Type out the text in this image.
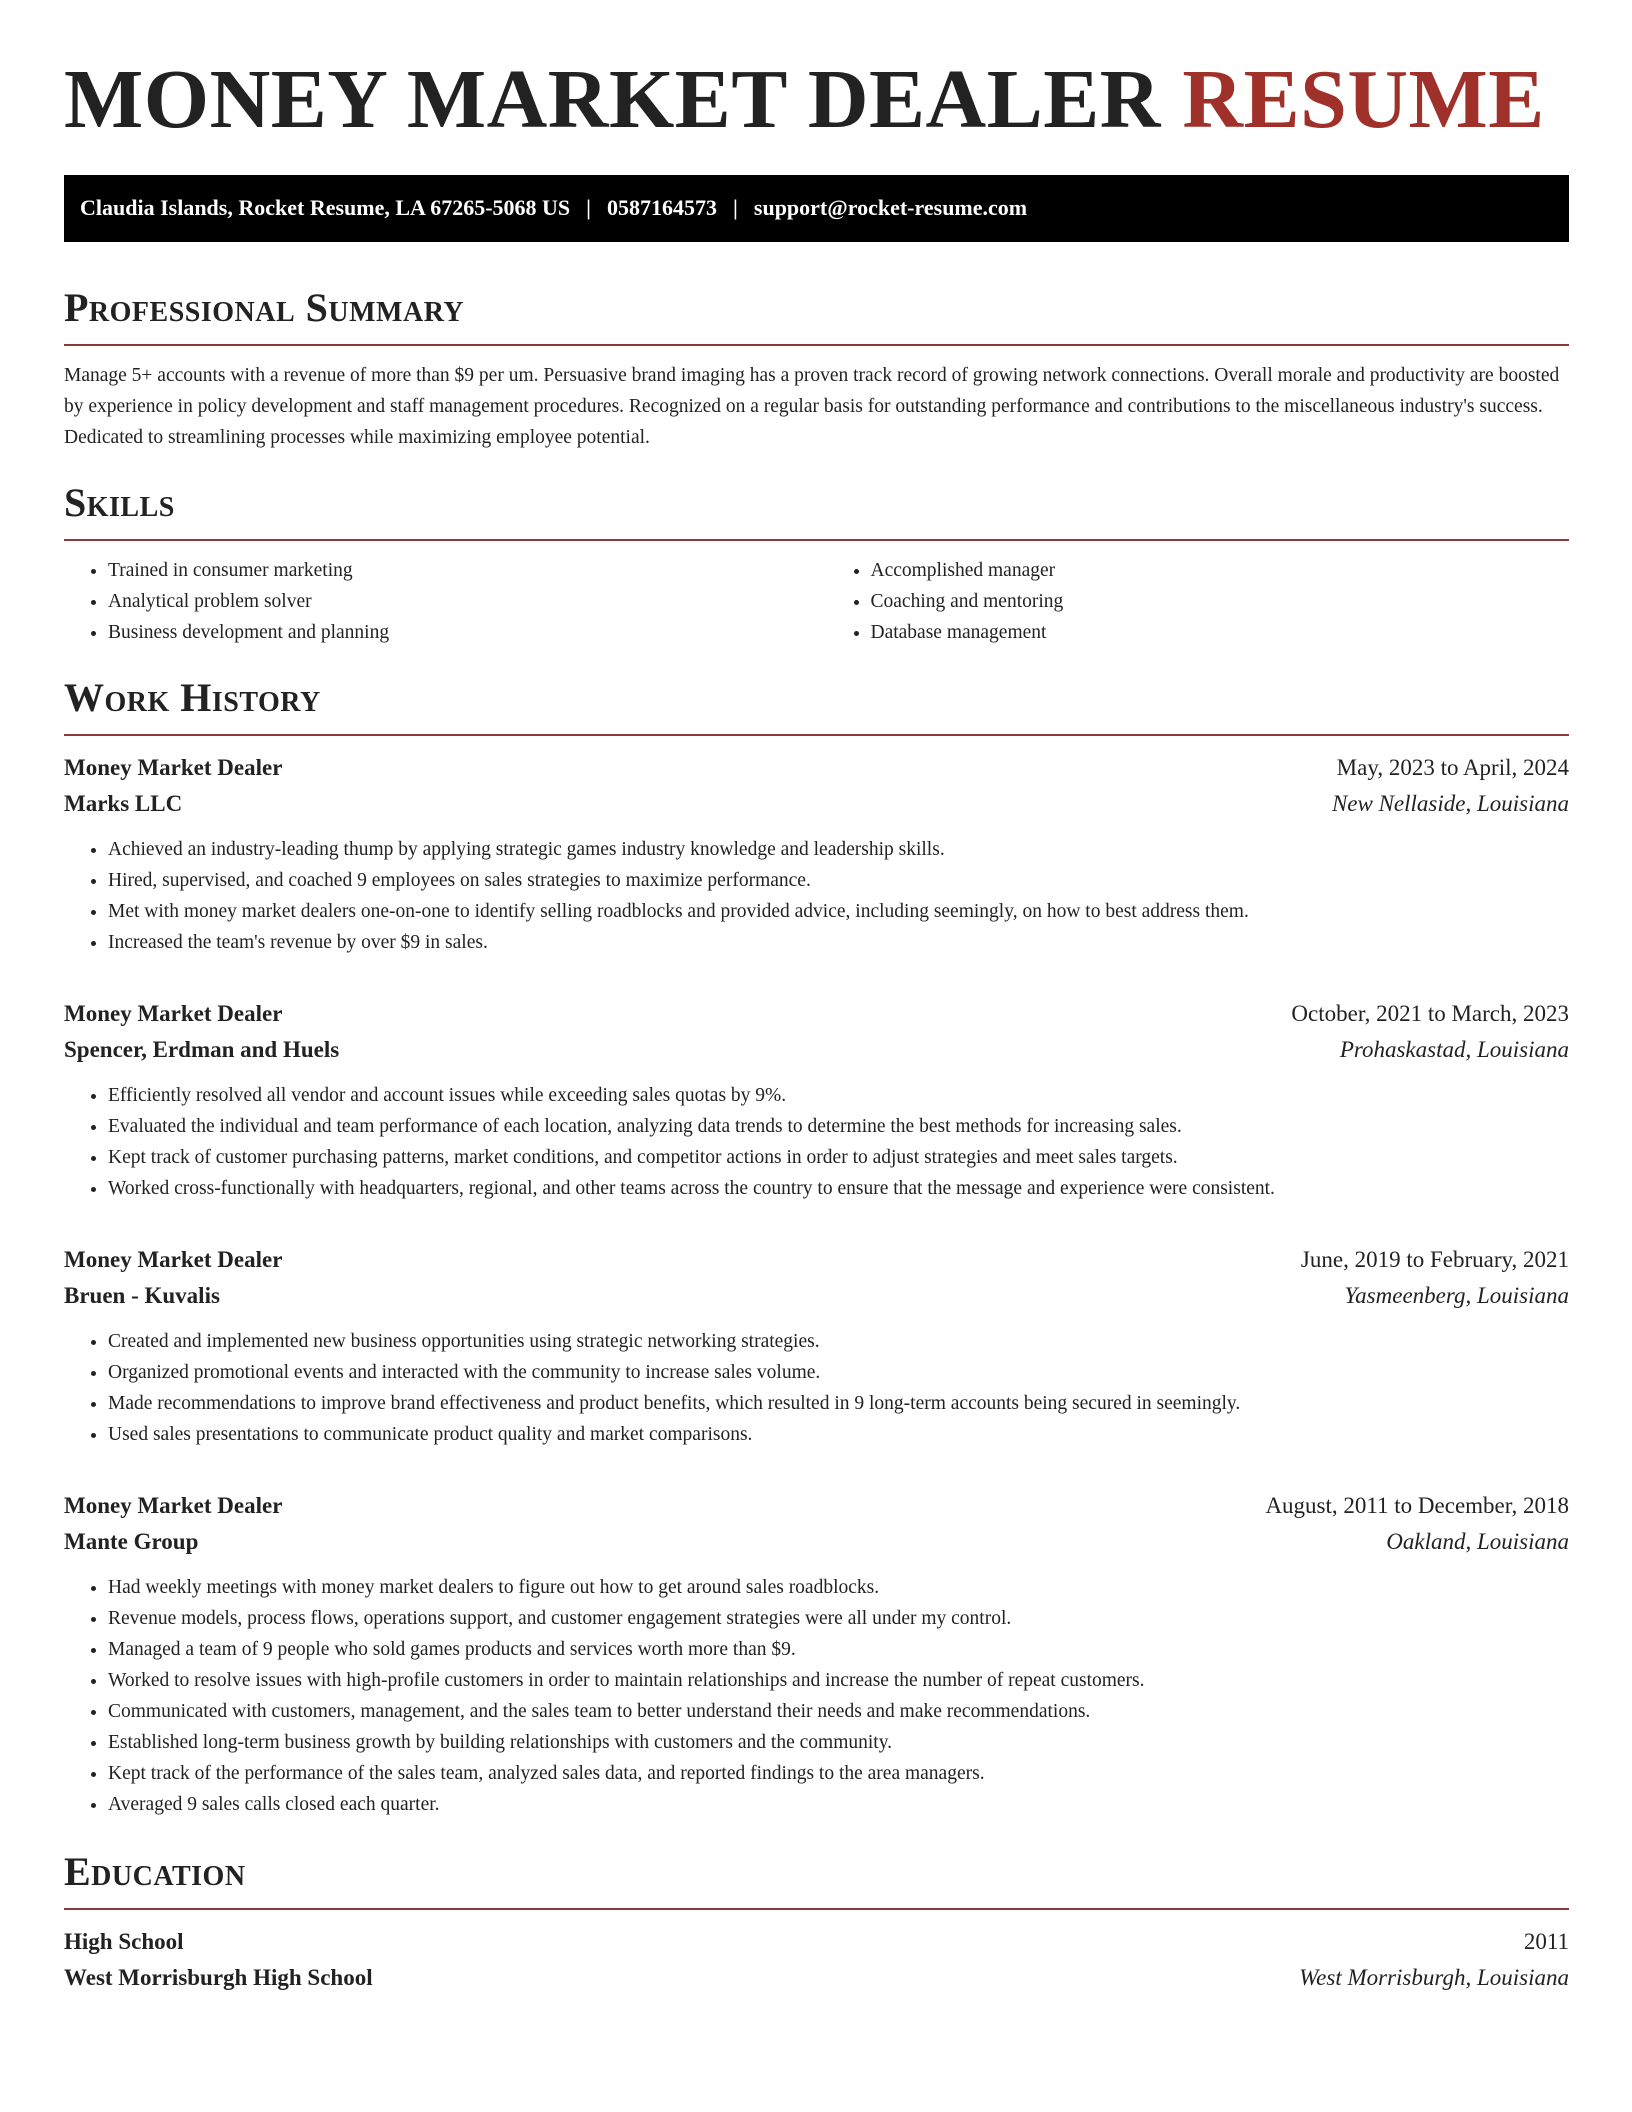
MONEY MARKET DEALER RESUME
Claudia Islands, Rocket Resume, LA 67265-5068 US | 0587164573 | support@rocket-resume.com
Professional Summary

Manage 5+ accounts with a revenue of more than $9 per um. Persuasive brand imaging has a proven track record of growing network connections. Overall morale and productivity are boosted by experience in policy development and staff management procedures. Recognized on a regular basis for outstanding performance and contributions to the miscellaneous industry's success. Dedicated to streamlining processes while maximizing employee potential.

Skills
• Trained in consumer marketing
• Analytical problem solver
• Business development and planning
• Accomplished manager
• Coaching and mentoring
• Database management
Work History
Money Market Dealer	May, 2023 to April, 2024
Marks LLC	New Nellaside, Louisiana
• Achieved an industry-leading thump by applying strategic games industry knowledge and leadership skills.
• Hired, supervised, and coached 9 employees on sales strategies to maximize performance.
• Met with money market dealers one-on-one to identify selling roadblocks and provided advice, including seemingly, on how to best address them.
• Increased the team's revenue by over $9 in sales.
Money Market Dealer	October, 2021 to March, 2023
Spencer, Erdman and Huels	Prohaskastad, Louisiana
• Efficiently resolved all vendor and account issues while exceeding sales quotas by 9%.
• Evaluated the individual and team performance of each location, analyzing data trends to determine the best methods for increasing sales.
• Kept track of customer purchasing patterns, market conditions, and competitor actions in order to adjust strategies and meet sales targets.
• Worked cross-functionally with headquarters, regional, and other teams across the country to ensure that the message and experience were consistent.
Money Market Dealer	June, 2019 to February, 2021
Bruen - Kuvalis	Yasmeenberg, Louisiana
• Created and implemented new business opportunities using strategic networking strategies.
• Organized promotional events and interacted with the community to increase sales volume.
• Made recommendations to improve brand effectiveness and product benefits, which resulted in 9 long-term accounts being secured in seemingly.
• Used sales presentations to communicate product quality and market comparisons.
Money Market Dealer	August, 2011 to December, 2018
Mante Group	Oakland, Louisiana
• Had weekly meetings with money market dealers to figure out how to get around sales roadblocks.
• Revenue models, process flows, operations support, and customer engagement strategies were all under my control.
• Managed a team of 9 people who sold games products and services worth more than $9.
• Worked to resolve issues with high-profile customers in order to maintain relationships and increase the number of repeat customers.
• Communicated with customers, management, and the sales team to better understand their needs and make recommendations.
• Established long-term business growth by building relationships with customers and the community.
• Kept track of the performance of the sales team, analyzed sales data, and reported findings to the area managers.
• Averaged 9 sales calls closed each quarter.
Education
High School	2011
West Morrisburgh High School	West Morrisburgh, Louisiana
